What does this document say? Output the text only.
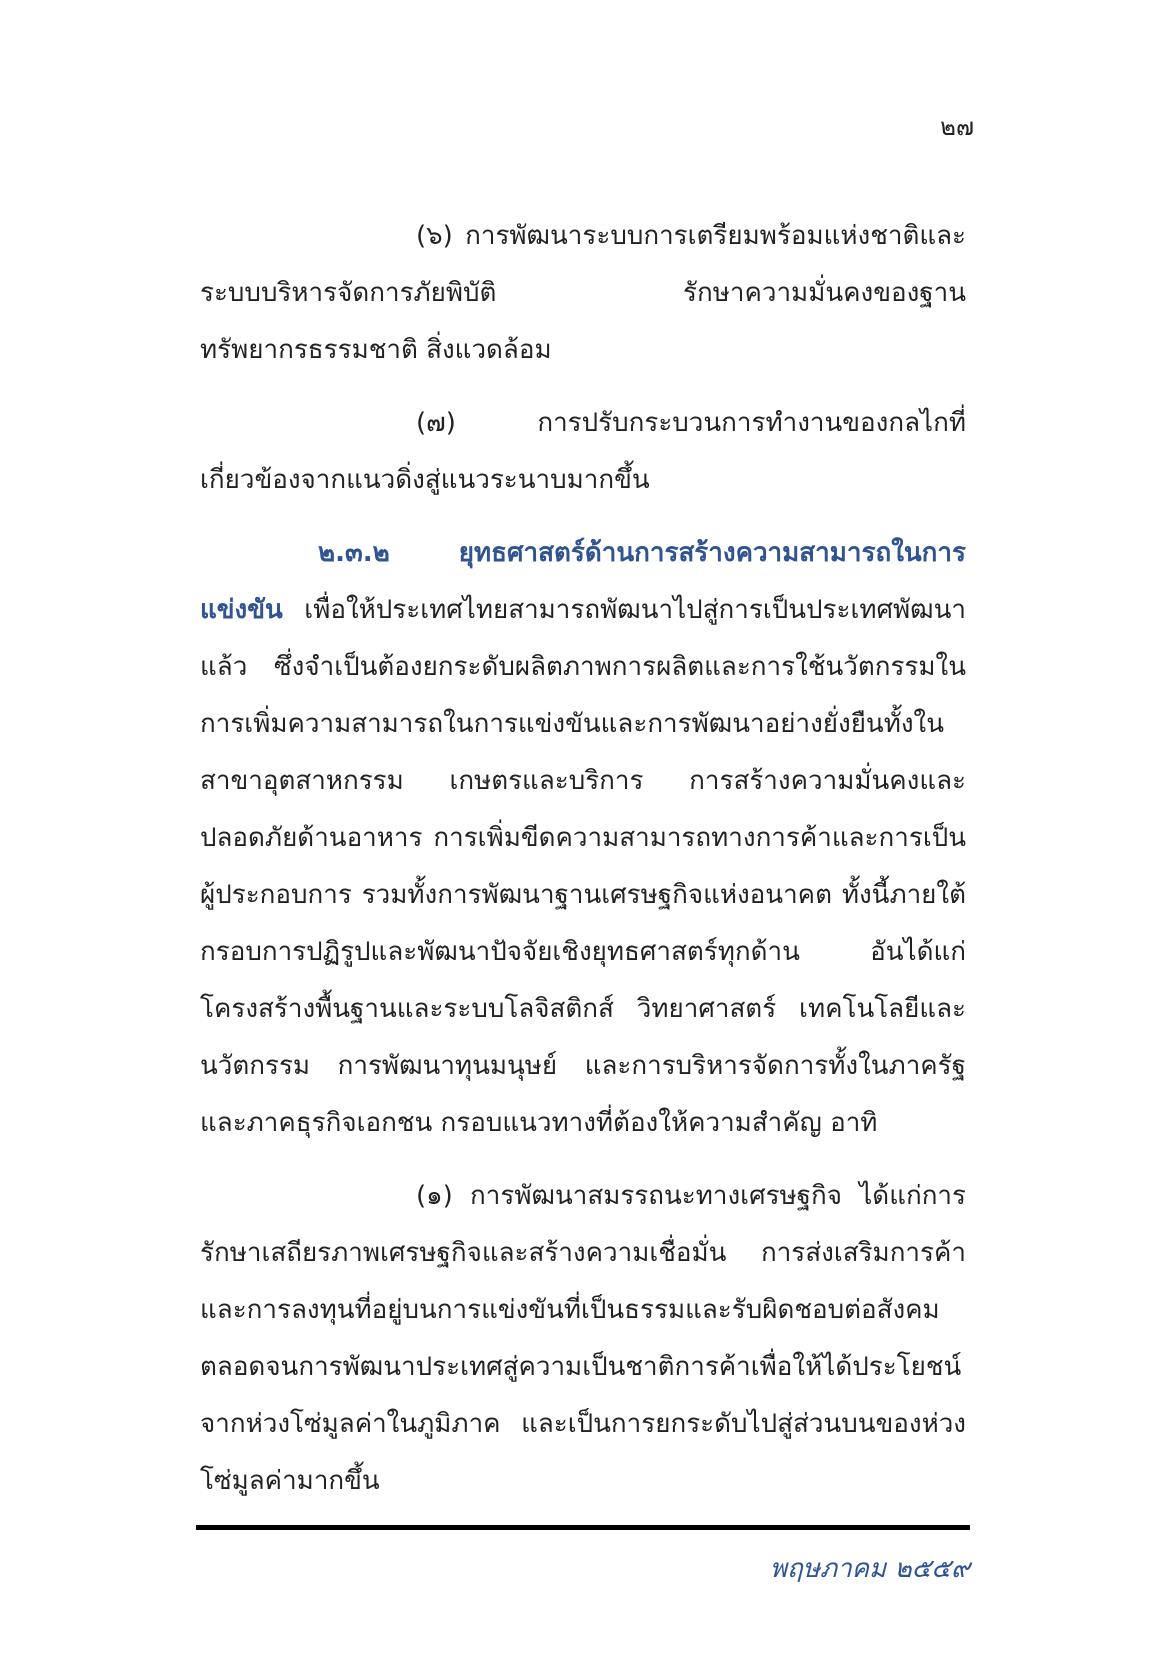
๒๗

(๖) การพัฒนาระบบการเตรียมพร้อมแห่งชาติและระบบบริหารจัดการภัยพิบัติ รักษาความมั่นคงของฐานทรัพยากรธรรมชาติ สิ่งแวดล้อม

(๗) การปรับกระบวนการทำงานของกลไกที่เกี่ยวข้องจากแนวดิ่งสู่แนวระนาบมากขึ้น

๒.๓.๒ ยุทธศาสตร์ด้านการสร้างความสามารถในการแข่งขัน เพื่อให้ประเทศไทยสามารถพัฒนาไปสู่การเป็นประเทศพัฒนาแล้ว ซึ่งจำเป็นต้องยกระดับผลิตภาพการผลิตและการใช้นวัตกรรมในการเพิ่มความสามารถในการแข่งขันและการพัฒนาอย่างยั่งยืนทั้งในสาขาอุตสาหกรรม เกษตรและบริการ การสร้างความมั่นคงและปลอดภัยด้านอาหาร การเพิ่มขีดความสามารถทางการค้าและการเป็นผู้ประกอบการ รวมทั้งการพัฒนาฐานเศรษฐกิจแห่งอนาคต ทั้งนี้ภายใต้กรอบการปฏิรูปและพัฒนาปัจจัยเชิงยุทธศาสตร์ทุกด้าน อันได้แก่ โครงสร้างพื้นฐานและระบบโลจิสติกส์ วิทยาศาสตร์ เทคโนโลยีและนวัตกรรม การพัฒนาทุนมนุษย์ และการบริหารจัดการทั้งในภาครัฐและภาคธุรกิจเอกชน กรอบแนวทางที่ต้องให้ความสำคัญ อาทิ

(๑) การพัฒนาสมรรถนะทางเศรษฐกิจ ได้แก่การรักษาเสถียรภาพเศรษฐกิจและสร้างความเชื่อมั่น การส่งเสริมการค้าและการลงทุนที่อยู่บนการแข่งขันที่เป็นธรรมและรับผิดชอบต่อสังคม ตลอดจนการพัฒนาประเทศสู่ความเป็นชาติการค้าเพื่อให้ได้ประโยชน์จากห่วงโซ่มูลค่าในภูมิภาค และเป็นการยกระดับไปสู่ส่วนบนของห่วงโซ่มูลค่ามากขึ้น

พฤษภาคม ๒๕๕๙
